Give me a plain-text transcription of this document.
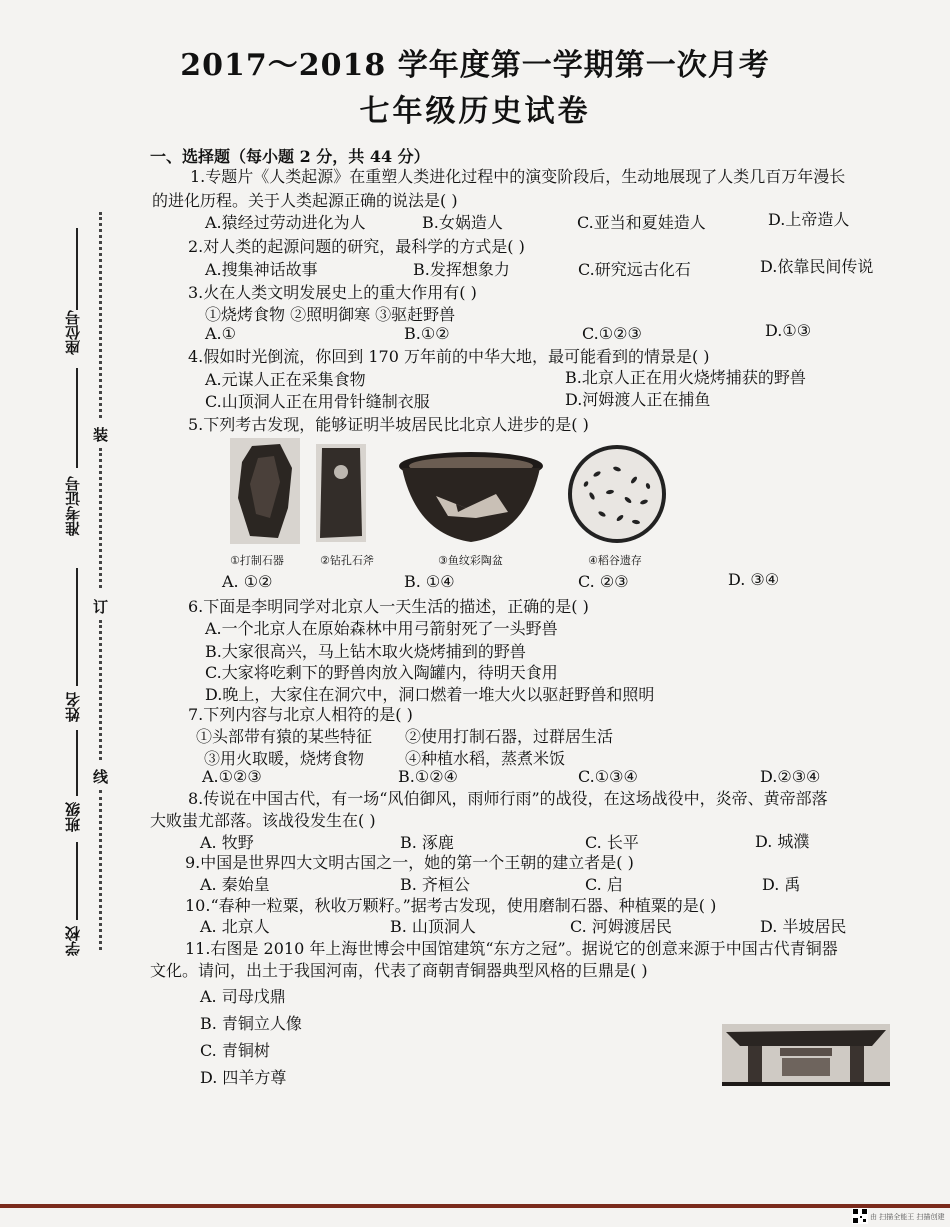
2017～2018 学年度第一学期第一次月考
七年级历史试卷
座位号
准考证号
姓名
班级
学校
装
订
线
一、选择题（每小题 2 分，共 44 分）
1.专题片《人类起源》在重塑人类进化过程中的演变阶段后，生动地展现了人类几百万年漫长
的进化历程。关于人类起源正确的说法是( )
A.猿经过劳动进化为人	B.女娲造人	C.亚当和夏娃造人	D.上帝造人
2.对人类的起源问题的研究，最科学的方式是( )
A.搜集神话故事	B.发挥想象力	C.研究远古化石	D.依靠民间传说
3.火在人类文明发展史上的重大作用有( )
①烧烤食物 ②照明御寒 ③驱赶野兽
A.①	B.①②	C.①②③	D.①③
4.假如时光倒流，你回到 170 万年前的中华大地，最可能看到的情景是( )
A.元谋人正在采集食物	B.北京人正在用火烧烤捕获的野兽
C.山顶洞人正在用骨针缝制衣服	D.河姆渡人正在捕鱼
5.下列考古发现，能够证明半坡居民比北京人进步的是( )
①打制石器	②钻孔石斧	③鱼纹彩陶盆	④稻谷遗存
A. ①②	B. ①④	C. ②③	D. ③④
6.下面是李明同学对北京人一天生活的描述，正确的是( )
A.一个北京人在原始森林中用弓箭射死了一头野兽
B.大家很高兴，马上钻木取火烧烤捕到的野兽
C.大家将吃剩下的野兽肉放入陶罐内，待明天食用
D.晚上，大家住在洞穴中，洞口燃着一堆大火以驱赶野兽和照明
7.下列内容与北京人相符的是( )
①头部带有猿的某些特征 ②使用打制石器，过群居生活
③用火取暖，烧烤食物	④种植水稻，蒸煮米饭
A.①②③	B.①②④	C.①③④	D.②③④
8.传说在中国古代，有一场“风伯御风，雨师行雨”的战役，在这场战役中，炎帝、黄帝部落
大败蚩尤部落。该战役发生在( )
A. 牧野	B. 涿鹿	C. 长平	D. 城濮
9.中国是世界四大文明古国之一，她的第一个王朝的建立者是( )
A. 秦始皇	B. 齐桓公	C. 启	D. 禹
10.“春种一粒粟，秋收万颗籽。”据考古发现，使用磨制石器、种植粟的是( )
A. 北京人	B. 山顶洞人	C. 河姆渡居民	D. 半坡居民
11.右图是 2010 年上海世博会中国馆建筑“东方之冠”。据说它的创意来源于中国古代青铜器
文化。请问，出土于我国河南，代表了商朝青铜器典型风格的巨鼎是( )
A. 司母戊鼎
B. 青铜立人像
C. 青铜树
D. 四羊方尊
由 扫描全能王 扫描创建
